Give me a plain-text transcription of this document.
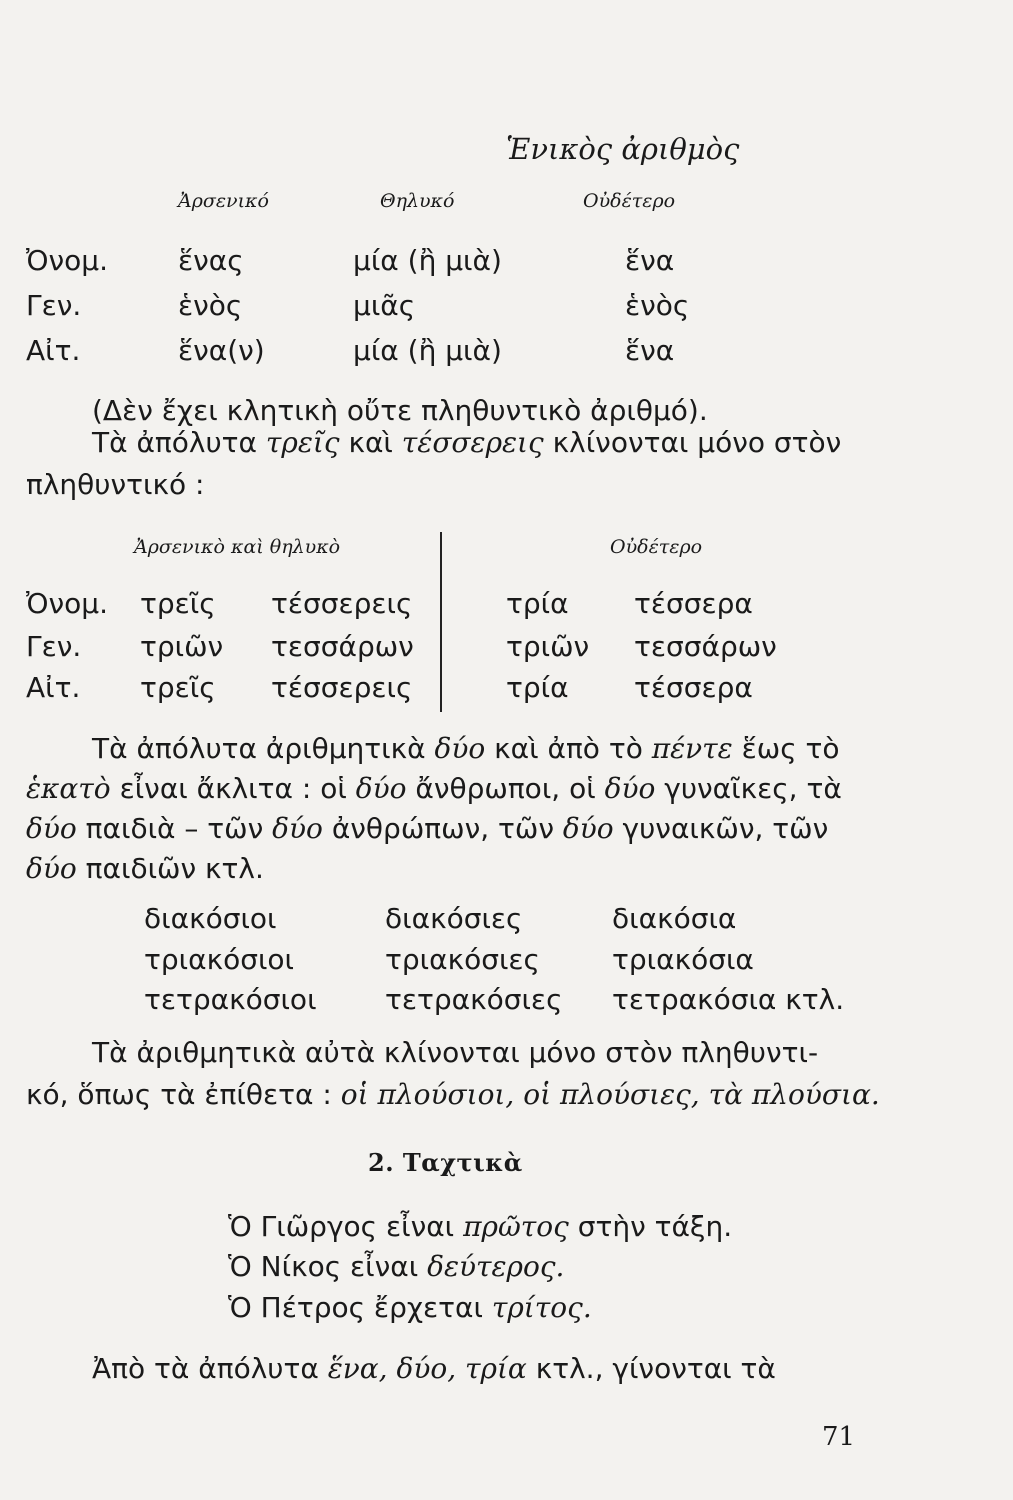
Ἑνικὸς ἀριθμὸς
Ἀρσενικό	Θηλυκό	Οὐδέτερο
Ὀνομ. ἕνας	μία (ἢ μιὰ)	ἕνα
Γεν.	ἑνὸς	μιᾶς	ἑνὸς
Αἰτ.	ἕνα(ν)	μία (ἢ μιὰ)	ἕνα
(Δὲν ἔχει κλητικὴ οὔτε πληθυντικὸ ἀριθμό).
Τὰ ἀπόλυτα τρεῖς καὶ τέσσερεις κλίνονται μόνο στὸν
πληθυντικό :
Ἀρσενικὸ καὶ θηλυκὸ	Οὐδέτερο
Ὀνομ. τρεῖς τέσσερεις	τρία τέσσερα
Γεν. τριῶν τεσσάρων	τριῶν τεσσάρων
Αἰτ. τρεῖς τέσσερεις	τρία τέσσερα
Τὰ ἀπόλυτα ἀριθμητικὰ δύο καὶ ἀπὸ τὸ πέντε ἕως τὸ
ἑκατὸ εἶναι ἄκλιτα : οἱ δύο ἄνθρωποι, οἱ δύο γυναῖκες, τὰ
δύο παιδιὰ – τῶν δύο ἀνθρώπων, τῶν δύο γυναικῶν, τῶν
δύο παιδιῶν κτλ.
διακόσιοι	διακόσιες	διακόσια
τριακόσιοι	τριακόσιες	τριακόσια
τετρακόσιοι τετρακόσιες τετρακόσια κτλ.
Τὰ ἀριθμητικὰ αὐτὰ κλίνονται μόνο στὸν πληθυντι-
κό, ὅπως τὰ ἐπίθετα : οἱ πλούσιοι, οἱ πλούσιες, τὰ πλούσια.
2. Ταχτικὰ
Ὁ Γιῶργος εἶναι πρῶτος στὴν τάξη.
Ὁ Νίκος εἶναι δεύτερος.
Ὁ Πέτρος ἔρχεται τρίτος.
Ἀπὸ τὰ ἀπόλυτα ἕνα, δύο, τρία κτλ., γίνονται τὰ
71
